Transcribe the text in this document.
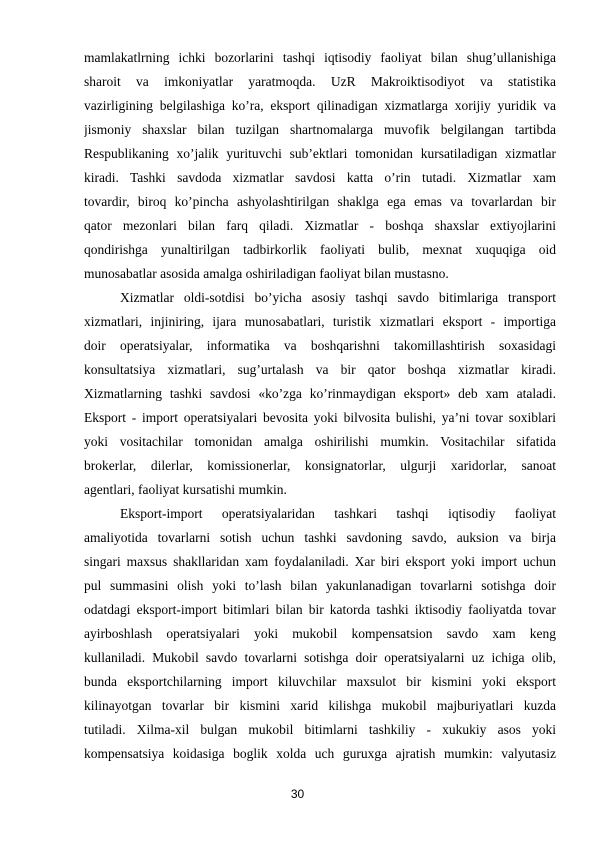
mamlakatlrning ichki bozorlarini tashqi iqtisodiy faoliyat bilan shug’ullanishiga
sharoit va imkoniyatlar yaratmoqda. UzR Makroiktisodiyot va statistika
vazirligining belgilashiga ko’ra, eksport qilinadigan xizmatlarga xorijiy yuridik va
jismoniy shaxslar bilan tuzilgan shartnomalarga muvofik belgilangan tartibda
Respublikaning xo’jalik yurituvchi sub’ektlari tomonidan kursatiladigan xizmatlar
kiradi. Tashki savdoda xizmatlar savdosi katta o’rin tutadi. Xizmatlar xam
tovardir, biroq ko’pincha ashyolashtirilgan shaklga ega emas va tovarlardan bir
qator mezonlari bilan farq qiladi. Xizmatlar - boshqa shaxslar extiyojlarini
qondirishga yunaltirilgan tadbirkorlik faoliyati bulib, mexnat xuquqiga oid
munosabatlar asosida amalga oshiriladigan faoliyat bilan mustasno.
Xizmatlar oldi-sotdisi bo’yicha asosiy tashqi savdo bitimlariga transport
xizmatlari, injiniring, ijara munosabatlari, turistik xizmatlari eksport - importiga
doir operatsiyalar, informatika va boshqarishni takomillashtirish soxasidagi
konsultatsiya xizmatlari, sug’urtalash va bir qator boshqa xizmatlar kiradi.
Xizmatlarning tashki savdosi «ko’zga ko’rinmaydigan eksport» deb xam ataladi.
Eksport - import operatsiyalari bevosita yoki bilvosita bulishi, ya’ni tovar soxiblari
yoki vositachilar tomonidan amalga oshirilishi mumkin. Vositachilar sifatida
brokerlar, dilerlar, komissionerlar, konsignatorlar, ulgurji xaridorlar, sanoat
agentlari, faoliyat kursatishi mumkin.
Eksport-import operatsiyalaridan tashkari tashqi iqtisodiy faoliyat
amaliyotida tovarlarni sotish uchun tashki savdoning savdo, auksion va birja
singari maxsus shakllaridan xam foydalaniladi. Xar biri eksport yoki import uchun
pul summasini olish yoki to’lash bilan yakunlanadigan tovarlarni sotishga doir
odatdagi eksport-import bitimlari bilan bir katorda tashki iktisodiy faoliyatda tovar
ayirboshlash operatsiyalari yoki mukobil kompensatsion savdo xam keng
kullaniladi. Mukobil savdo tovarlarni sotishga doir operatsiyalarni uz ichiga olib,
bunda eksportchilarning import kiluvchilar maxsulot bir kismini yoki eksport
kilinayotgan tovarlar bir kismini xarid kilishga mukobil majburiyatlari kuzda
tutiladi. Xilma-xil bulgan mukobil bitimlarni tashkiliy - xukukiy asos yoki
kompensatsiya koidasiga boglik xolda uch guruxga ajratish mumkin: valyutasiz
30
